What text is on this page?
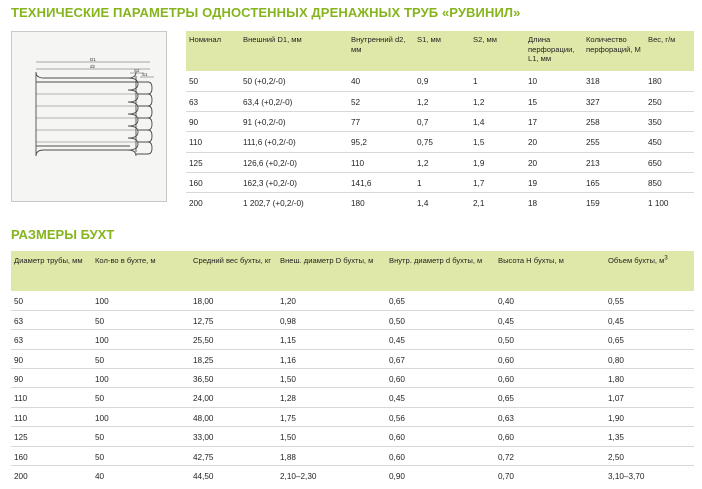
ТЕХНИЧЕСКИЕ ПАРАМЕТРЫ ОДНОСТЕННЫХ ДРЕНАЖНЫХ ТРУБ «РУВИНИЛ»
D1
d2
S2
S1
Номинал	Внешний D1, мм	Внутренний d2, мм	S1, мм	S2, мм	Длина перфорации, L1, мм	Количество перфораций, М	Вес, г/м
50	50 (+0,2/-0)	40	0,9	1	10	318	180
63	63,4 (+0,2/-0)	52	1,2	1,2	15	327	250
90	91 (+0,2/-0)	77	0,7	1,4	17	258	350
110	111,6 (+0,2/-0)	95,2	0,75	1,5	20	255	450
125	126,6 (+0,2/-0)	110	1,2	1,9	20	213	650
160	162,3 (+0,2/-0)	141,6	1	1,7	19	165	850
200	1 202,7 (+0,2/-0)	180	1,4	2,1	18	159	1 100
РАЗМЕРЫ БУХТ
Диаметр трубы, мм	Кол-во в бухте, м	Средний вес бухты, кг	Внеш. диаметр D бухты, м	Внутр. диаметр d бухты, м	Высота H бухты, м	Объем бухты, $м^3$
50	100	18,00	1,20	0,65	0,40	0,55
63	50	12,75	0,98	0,50	0,45	0,45
63	100	25,50	1,15	0,45	0,50	0,65
90	50	18,25	1,16	0,67	0,60	0,80
90	100	36,50	1,50	0,60	0,60	1,80
110	50	24,00	1,28	0,45	0,65	1,07
110	100	48,00	1,75	0,56	0,63	1,90
125	50	33,00	1,50	0,60	0,60	1,35
160	50	42,75	1,88	0,60	0,72	2,50
200	40	44,50	2,10–2,30	0,90	0,70	3,10–3,70
